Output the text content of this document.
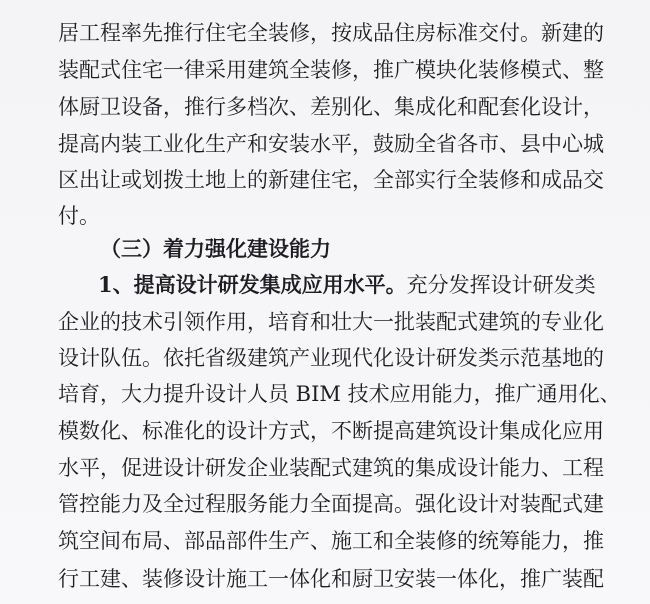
居工程率先推行住宅全装修，按成品住房标准交付。新建的
装配式住宅一律采用建筑全装修，推广模块化装修模式、整
体厨卫设备，推行多档次、差别化、集成化和配套化设计，
提高内装工业化生产和安装水平，鼓励全省各市、县中心城
区出让或划拨土地上的新建住宅，全部实行全装修和成品交
付。
（三）着力强化建设能力
1、提高设计研发集成应用水平。充分发挥设计研发类
企业的技术引领作用，培育和壮大一批装配式建筑的专业化
设计队伍。依托省级建筑产业现代化设计研发类示范基地的
培育，大力提升设计人员 BIM 技术应用能力，推广通用化、
模数化、标准化的设计方式，不断提高建筑设计集成化应用
水平，促进设计研发企业装配式建筑的集成设计能力、工程
管控能力及全过程服务能力全面提高。强化设计对装配式建
筑空间布局、部品部件生产、施工和全装修的统筹能力，推
行工建、装修设计施工一体化和厨卫安装一体化，推广装配
